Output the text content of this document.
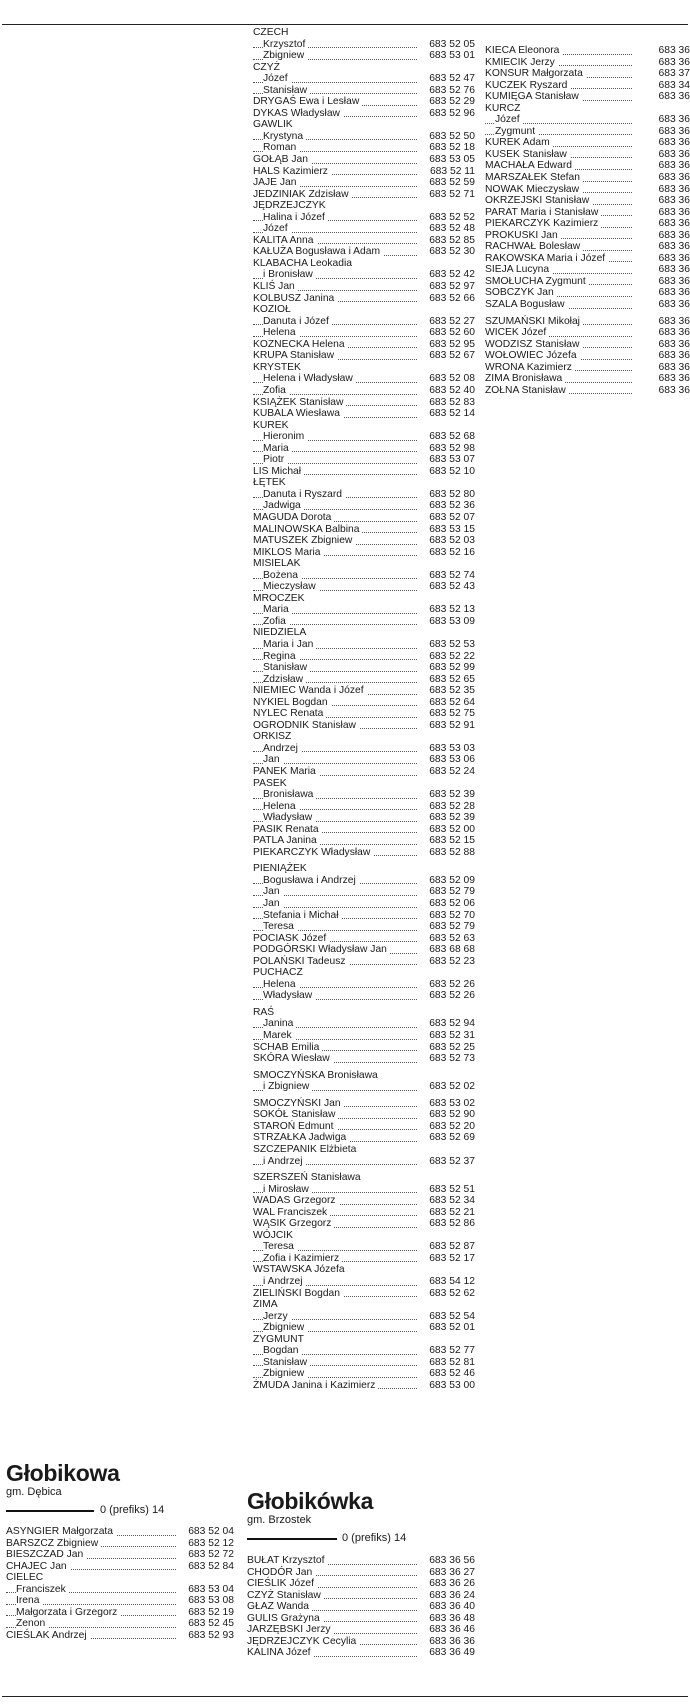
CZECH
Krzysztof	683 52 05
Zbigniew	683 53 01
CZYŻ
Józef	683 52 47
Stanisław	683 52 76
DRYGAŚ Ewa i Lesław	683 52 29
DYKAS Władysław	683 52 96
GAWLIK
Krystyna	683 52 50
Roman	683 52 18
GOŁĄB Jan	683 53 05
HALS Kazimierz	683 52 11
JAJE Jan	683 52 59
JEDZINIAK Zdzisław	683 52 71
JĘDRZEJCZYK
Halina i Józef	683 52 52
Józef	683 52 48
KALITA Anna	683 52 85
KAŁUŻA Bogusława i Adam	683 52 30
KLABACHA Leokadia
i Bronisław	683 52 42
KLIŚ Jan	683 52 97
KOLBUSZ Janina	683 52 66
KOZIOŁ
Danuta i Józef	683 52 27
Helena	683 52 60
KOZNECKA Helena	683 52 95
KRUPA Stanisław	683 52 67
KRYSTEK
Helena i Władysław	683 52 08
Zofia	683 52 40
KSIĄŻEK Stanisław	683 52 83
KUBALA Wiesława	683 52 14
KUREK
Hieronim	683 52 68
Maria	683 52 98
Piotr	683 53 07
LIS Michał	683 52 10
ŁĘTEK
Danuta i Ryszard	683 52 80
Jadwiga	683 52 36
MAGUDA Dorota	683 52 07
MALINOWSKA Balbina	683 53 15
MATUSZEK Zbigniew	683 52 03
MIKLOS Maria	683 52 16
MISIELAK
Bożena	683 52 74
Mieczysław	683 52 43
MROCZEK
Maria	683 52 13
Zofia	683 53 09
NIEDZIELA
Maria i Jan	683 52 53
Regina	683 52 22
Stanisław	683 52 99
Zdzisław	683 52 65
NIEMIEC Wanda i Józef	683 52 35
NYKIEL Bogdan	683 52 64
NYLEC Renata	683 52 75
OGRODNIK Stanisław	683 52 91
ORKISZ
Andrzej	683 53 03
Jan	683 53 06
PANEK Maria	683 52 24
PASEK
Bronisława	683 52 39
Helena	683 52 28
Władysław	683 52 39
PASIK Renata	683 52 00
PATLA Janina	683 52 15
PIEKARCZYK Władysław	683 52 88
PIENIĄŻEK
Bogusława i Andrzej	683 52 09
Jan	683 52 79
Jan	683 52 06
Stefania i Michał	683 52 70
Teresa	683 52 79
POCIASK Józef	683 52 63
PODGÓRSKI Władysław Jan	683 68 68
POLAŃSKI Tadeusz	683 52 23
PUCHACZ
Helena	683 52 26
Władysław	683 52 26
RAŚ
Janina	683 52 94
Marek	683 52 31
SCHAB Emilia	683 52 25
SKÓRA Wiesław	683 52 73
SMOCZYŃSKA Bronisława
i Zbigniew	683 52 02
SMOCZYŃSKI Jan	683 53 02
SOKÓŁ Stanisław	683 52 90
STAROŃ Edmunt	683 52 20
STRZAŁKA Jadwiga	683 52 69
SZCZEPANIK Elżbieta
i Andrzej	683 52 37
SZERSZEŃ Stanisława
i Mirosław	683 52 51
WADAS Grzegorz	683 52 34
WAL Franciszek	683 52 21
WĄSIK Grzegorz	683 52 86
WÓJCIK
Teresa	683 52 87
Zofia i Kazimierz	683 52 17
WSTAWSKA Józefa
i Andrzej	683 54 12
ZIELIŃSKI Bogdan	683 52 62
ZIMA
Jerzy	683 52 54
Zbigniew	683 52 01
ZYGMUNT
Bogdan	683 52 77
Stanisław	683 52 81
Zbigniew	683 52 46
ŻMUDA Janina i Kazimierz	683 53 00
KIECA Eleonora	683 36
KMIECIK Jerzy	683 36
KONSUR Małgorzata	683 37
KUCZEK Ryszard	683 34
KUMIĘGA Stanisław	683 36
KURCZ
Józef	683 36
Zygmunt	683 36
KUREK Adam	683 36
KUSEK Stanisław	683 36
MACHAŁA Edward	683 36
MARSZAŁEK Stefan	683 36
NOWAK Mieczysław	683 36
OKRZEJSKI Stanisław	683 36
PARAT Maria i Stanisław	683 36
PIEKARCZYK Kazimierz	683 36
PROKUSKI Jan	683 36
RACHWAŁ Bolesław	683 36
RAKOWSKA Maria i Józef	683 36
SIEJA Lucyna	683 36
SMOŁUCHA Zygmunt	683 36
SOBCZYK Jan	683 36
SZALA Bogusław	683 36
SZUMAŃSKI Mikołaj	683 36
WICEK Józef	683 36
WODZISZ Stanisław	683 36
WOŁOWIEC Józefa	683 36
WRONA Kazimierz	683 36
ZIMA Bronisława	683 36
ZOŁNA Stanisław	683 36
Głobikowa
gm. Dębica
0 (prefiks) 14
ASYNGIER Małgorzata	683 52 04
BARSZCZ Zbigniew	683 52 12
BIESZCZAD Jan	683 52 72
CHAJEC Jan	683 52 84
CIELEC
Franciszek	683 53 04
Irena	683 53 08
Małgorzata i Grzegorz	683 52 19
Zenon	683 52 45
CIEŚLAK Andrzej	683 52 93
Głobikówka
gm. Brzostek
0 (prefiks) 14
BUŁAT Krzysztof	683 36 56
CHODÓR Jan	683 36 27
CIEŚLIK Józef	683 36 26
CZYŻ Stanisław	683 36 24
GŁAZ Wanda	683 36 40
GULIS Grażyna	683 36 48
JARZĘBSKI Jerzy	683 36 46
JĘDRZEJCZYK Cecylia	683 36 36
KALINA Józef	683 36 49
